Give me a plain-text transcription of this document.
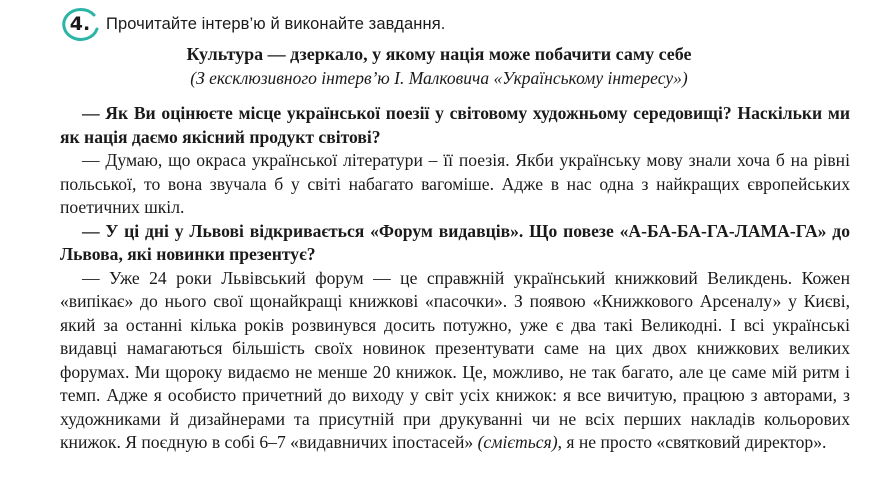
4. Прочитайте інтерв’ю й виконайте завдання.
Культура — дзеркало, у якому нація може побачити саму себе
(З ексклюзивного інтерв’ю І. Малковича «Українському інтересу»)

— Як Ви оцінюєте місце української поезії у світовому художньому середовищі? Наскільки ми як нація даємо якісний продукт світові?

— Думаю, що окраса української літератури – її поезія. Якби українську мову знали хоча б на рівні польської, то вона звучала б у світі набагато вагоміше. Адже в нас одна з найкращих європейських поетичних шкіл.

— У ці дні у Львові відкривається «Форум видавців». Що повезе «А-БА-БА-ГА-ЛАМА-ГА» до Львова, які новинки презентує?

— Уже 24 роки Львівський форум — це справжній український книжковий Великдень. Кожен «випікає» до нього свої щонайкращі книжкові «пасочки». З появою «Книжкового Арсеналу» у Києві, який за останні кілька років розвинувся досить потужно, уже є два такі Великодні. І всі українські видавці намагаються більшість своїх новинок презентувати саме на цих двох книжкових великих форумах. Ми щороку видаємо не менше 20 книжок. Це, можливо, не так багато, але це саме мій ритм і темп. Адже я особисто причетний до виходу у світ усіх книжок: я все вичитую, працюю з авторами, з художниками й дизайнерами та присутній при друкуванні чи не всіх перших накладів кольорових книжок. Я поєдную в собі 6–7 «видавничих іпостасей» (сміється), я не просто «святковий директор».
